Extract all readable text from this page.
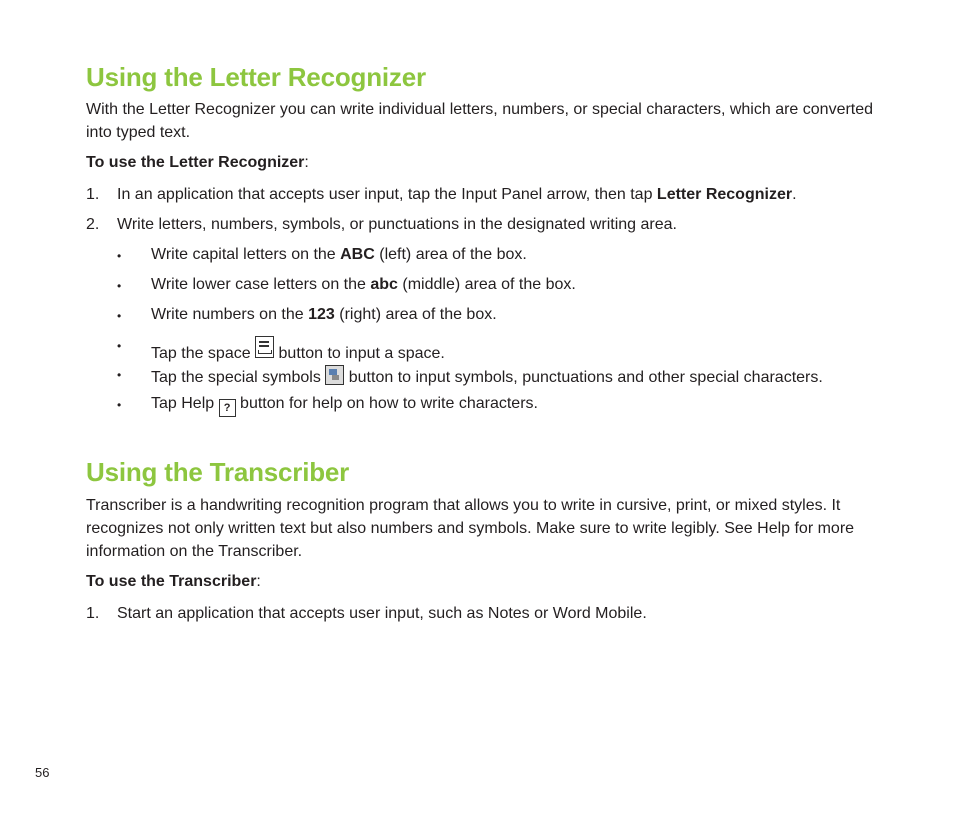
Using the Letter Recognizer

With the Letter Recognizer you can write individual letters, numbers, or special characters, which are converted into typed text.

To use the Letter Recognizer:

1. In an application that accepts user input, tap the Input Panel arrow, then tap Letter Recognizer.
2. Write letters, numbers, symbols, or punctuations in the designated writing area.
• Write capital letters on the ABC (left) area of the box.
• Write lower case letters on the abc (middle) area of the box.
• Write numbers on the 123 (right) area of the box.
• Tap the space  button to input a space.
• Tap the special symbols  button to input symbols, punctuations and other special characters.
• Tap Help ? button for help on how to write characters.
Using the Transcriber

Transcriber is a handwriting recognition program that allows you to write in cursive, print, or mixed styles. It recognizes not only written text but also numbers and symbols. Make sure to write legibly. See Help for more information on the Transcriber.

To use the Transcriber:

1. Start an application that accepts user input, such as Notes or Word Mobile.
56
